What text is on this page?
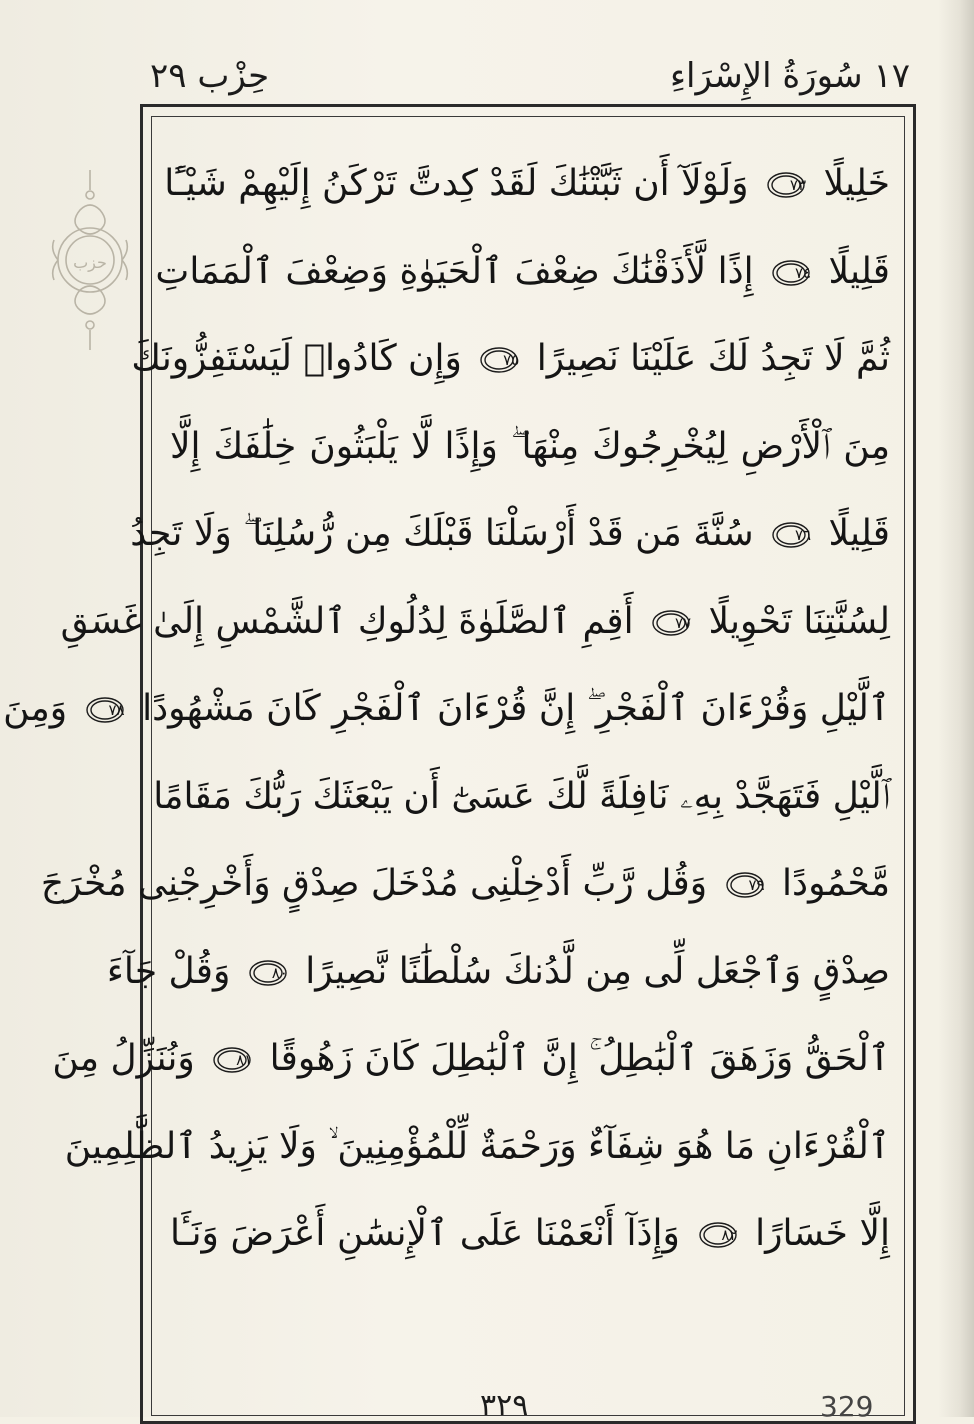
حزب
١٧ سُورَةُ الإِسْرَاءِ
حِزْب ٢٩
خَلِيلًا
٧٣
وَلَوْلَآ أَن ثَبَّتْنَٰكَ لَقَدْ كِدتَّ تَرْكَنُ إِلَيْهِمْ شَيْـًٔا
قَلِيلًا
٧٤
إِذًا لَّأَذَقْنَٰكَ ضِعْفَ ٱلْحَيَوٰةِ وَضِعْفَ ٱلْمَمَاتِ
ثُمَّ لَا تَجِدُ لَكَ عَلَيْنَا نَصِيرًا
٧٥
وَإِن كَادُوا۟ لَيَسْتَفِزُّونَكَ
مِنَ ٱلْأَرْضِ لِيُخْرِجُوكَ مِنْهَا ۖ وَإِذًا لَّا يَلْبَثُونَ خِلَٰفَكَ إِلَّا
قَلِيلًا
٧٦
سُنَّةَ مَن قَدْ أَرْسَلْنَا قَبْلَكَ مِن رُّسُلِنَا ۖ وَلَا تَجِدُ
لِسُنَّتِنَا تَحْوِيلًا
٧٧
أَقِمِ ٱلصَّلَوٰةَ لِدُلُوكِ ٱلشَّمْسِ إِلَىٰ غَسَقِ
ٱلَّيْلِ وَقُرْءَانَ ٱلْفَجْرِ ۖ إِنَّ قُرْءَانَ ٱلْفَجْرِ كَانَ مَشْهُودًا
٧٨
وَمِنَ
ٱلَّيْلِ فَتَهَجَّدْ بِهِۦ نَافِلَةً لَّكَ عَسَىٰٓ أَن يَبْعَثَكَ رَبُّكَ مَقَامًا
مَّحْمُودًا
٧٩
وَقُل رَّبِّ أَدْخِلْنِى مُدْخَلَ صِدْقٍ وَأَخْرِجْنِى مُخْرَجَ
صِدْقٍ وَٱجْعَل لِّى مِن لَّدُنكَ سُلْطَٰنًا نَّصِيرًا
٨٠
وَقُلْ جَآءَ
ٱلْحَقُّ وَزَهَقَ ٱلْبَٰطِلُ ۚ إِنَّ ٱلْبَٰطِلَ كَانَ زَهُوقًا
٨١
وَنُنَزِّلُ مِنَ
ٱلْقُرْءَانِ مَا هُوَ شِفَآءٌ وَرَحْمَةٌ لِّلْمُؤْمِنِينَ ۙ وَلَا يَزِيدُ ٱلظَّٰلِمِينَ
إِلَّا خَسَارًا
٨٢
وَإِذَآ أَنْعَمْنَا عَلَى ٱلْإِنسَٰنِ أَعْرَضَ وَنَـَٔا
٣٢٩	329
